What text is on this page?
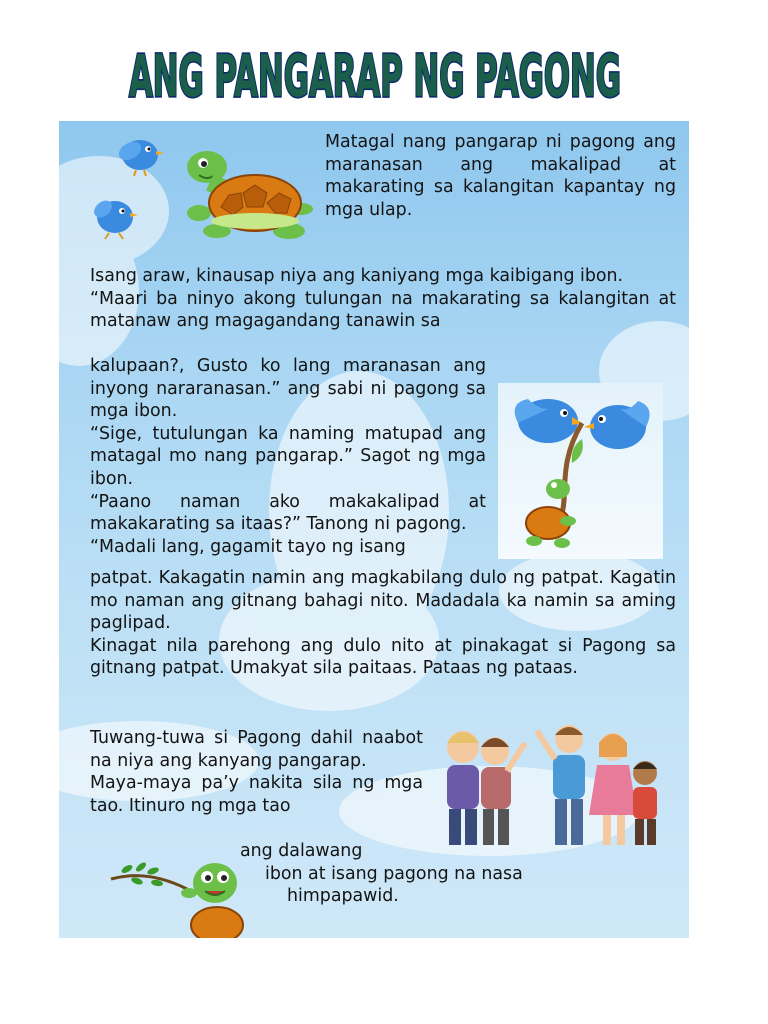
ANG PANGARAP NG PAGONG

Matagal nang pangarap ni pagong ang maranasan ang makalipad at makarating sa kalangitan kapantay ng mga ulap.

Isang araw, kinausap niya ang kaniyang mga kaibigang ibon.

“Maari ba ninyo akong tulungan na makarating sa kalangitan at matanaw ang magagandang tanawin sa

kalupaan?, Gusto ko lang maranasan ang inyong nararanasan.” ang sabi ni pagong sa mga ibon.

“Sige, tutulungan ka naming matupad ang matagal mo nang pangarap.” Sagot ng mga ibon.

“Paano naman ako makakalipad at makakarating sa itaas?” Tanong ni pagong.

“Madali lang, gagamit tayo ng isang

patpat. Kakagatin namin ang magkabilang dulo ng patpat. Kagatin mo naman ang gitnang bahagi nito. Madadala ka namin sa aming paglipad.

Kinagat nila parehong ang dulo nito at pinakagat si Pagong sa gitnang patpat. Umakyat sila paitaas. Pataas ng pataas.

Tuwang-tuwa si Pagong dahil naabot na niya ang kanyang pangarap.

Maya-maya pa’y nakita sila ng mga tao. Itinuro ng mga tao

ang dalawang

ibon at isang pagong na nasa

himpapawid.
